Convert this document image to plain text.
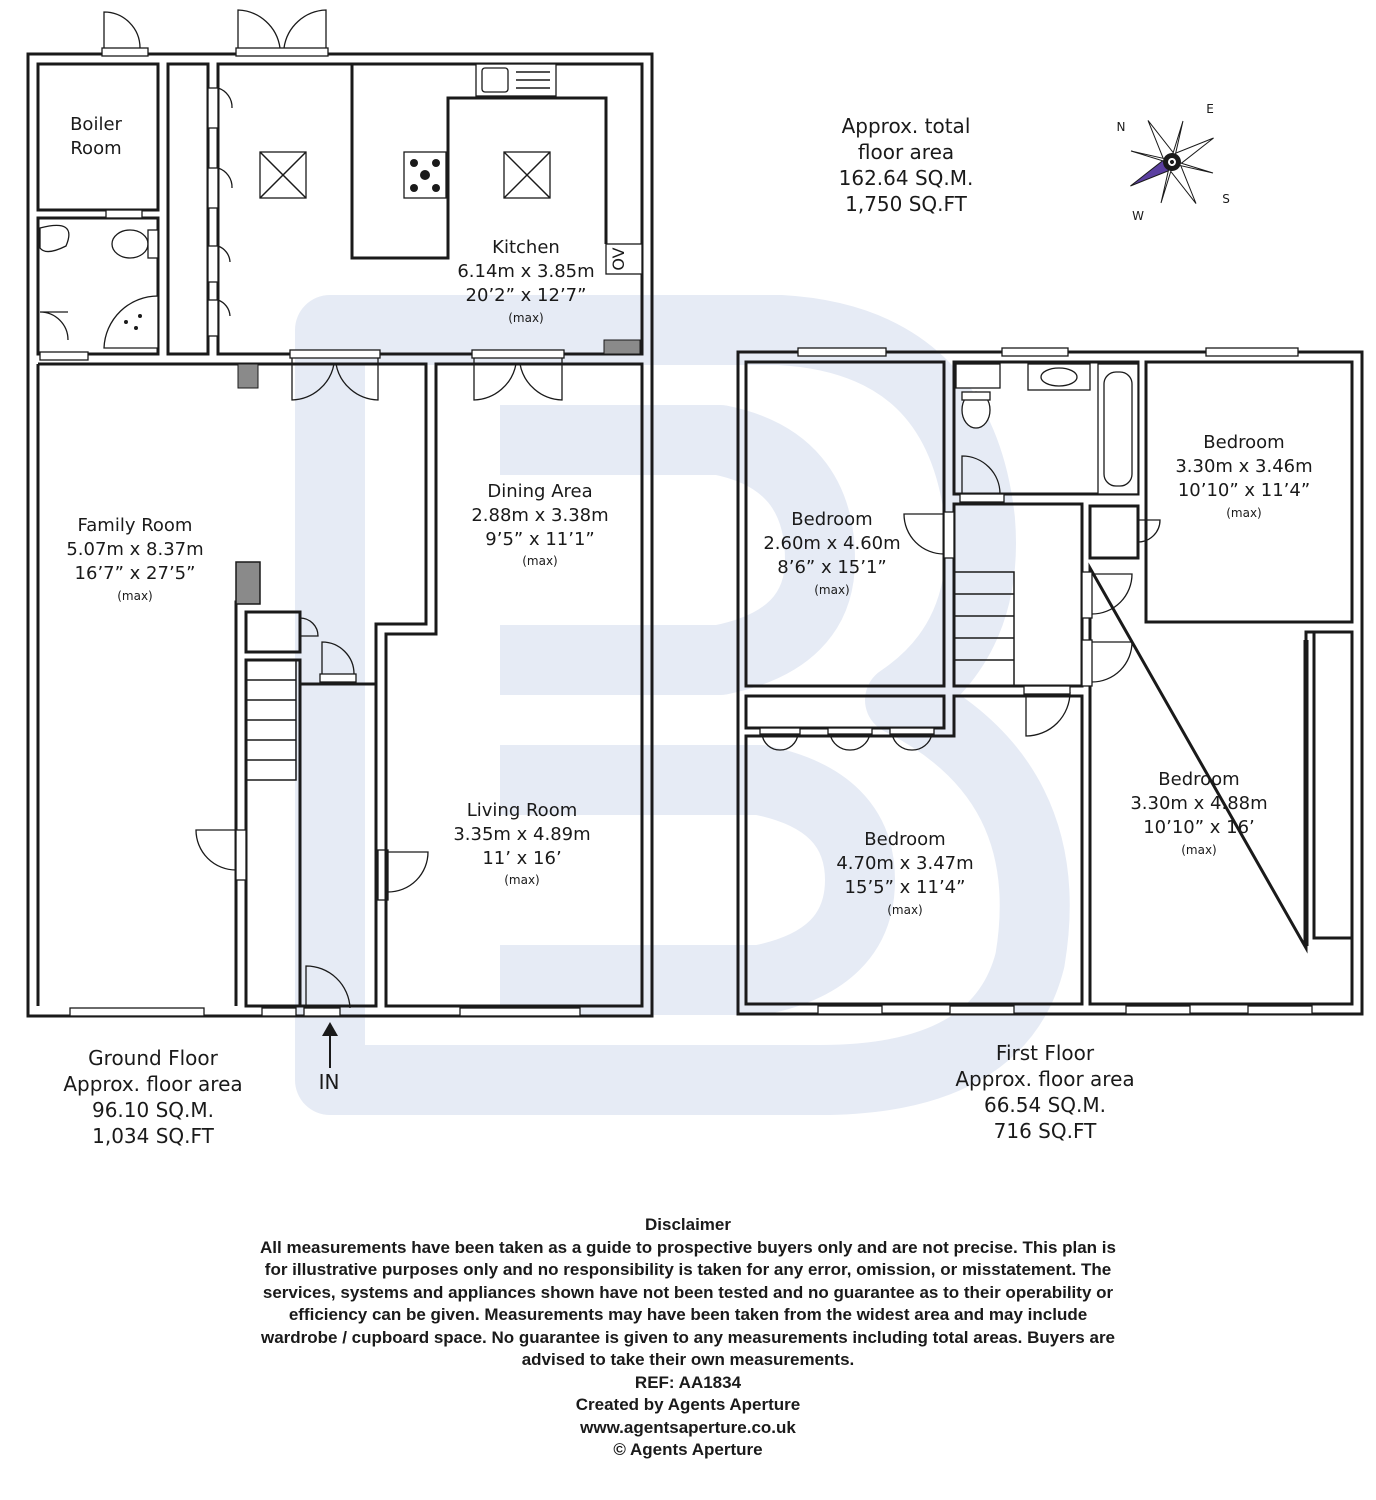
N
E
S
W
Approx. total
floor area
162.64 SQ.M.
1,750 SQ.FT
Boiler
Room
Kitchen
6.14m x 3.85m
20’2” x 12’7”
(max)
OV
Family Room
5.07m x 8.37m
16’7” x 27’5”
(max)
Dining Area
2.88m x 3.38m
9’5” x 11’1”
(max)
Living Room
3.35m x 4.89m
11’ x 16’
(max)
Ground Floor
Approx. floor area
96.10 SQ.M.
1,034 SQ.FT
IN
Bedroom
2.60m x 4.60m
8’6” x 15’1”
(max)
Bedroom
3.30m x 3.46m
10’10” x 11’4”
(max)
Bedroom
4.70m x 3.47m
15’5” x 11’4”
(max)
Bedroom
3.30m x 4.88m
10’10” x 16’
(max)
First Floor
Approx. floor area
66.54 SQ.M.
716 SQ.FT
Disclaimer
All measurements have been taken as a guide to prospective buyers only and are not precise. This plan is
for illustrative purposes only and no responsibility is taken for any error, omission, or misstatement. The
services, systems and appliances shown have not been tested and no guarantee as to their operability or
efficiency can be given. Measurements may have been taken from the widest area and may include
wardrobe / cupboard space. No guarantee is given to any measurements including total areas. Buyers are
advised to take their own measurements.
REF: AA1834
Created by Agents Aperture
www.agentsaperture.co.uk
© Agents Aperture
